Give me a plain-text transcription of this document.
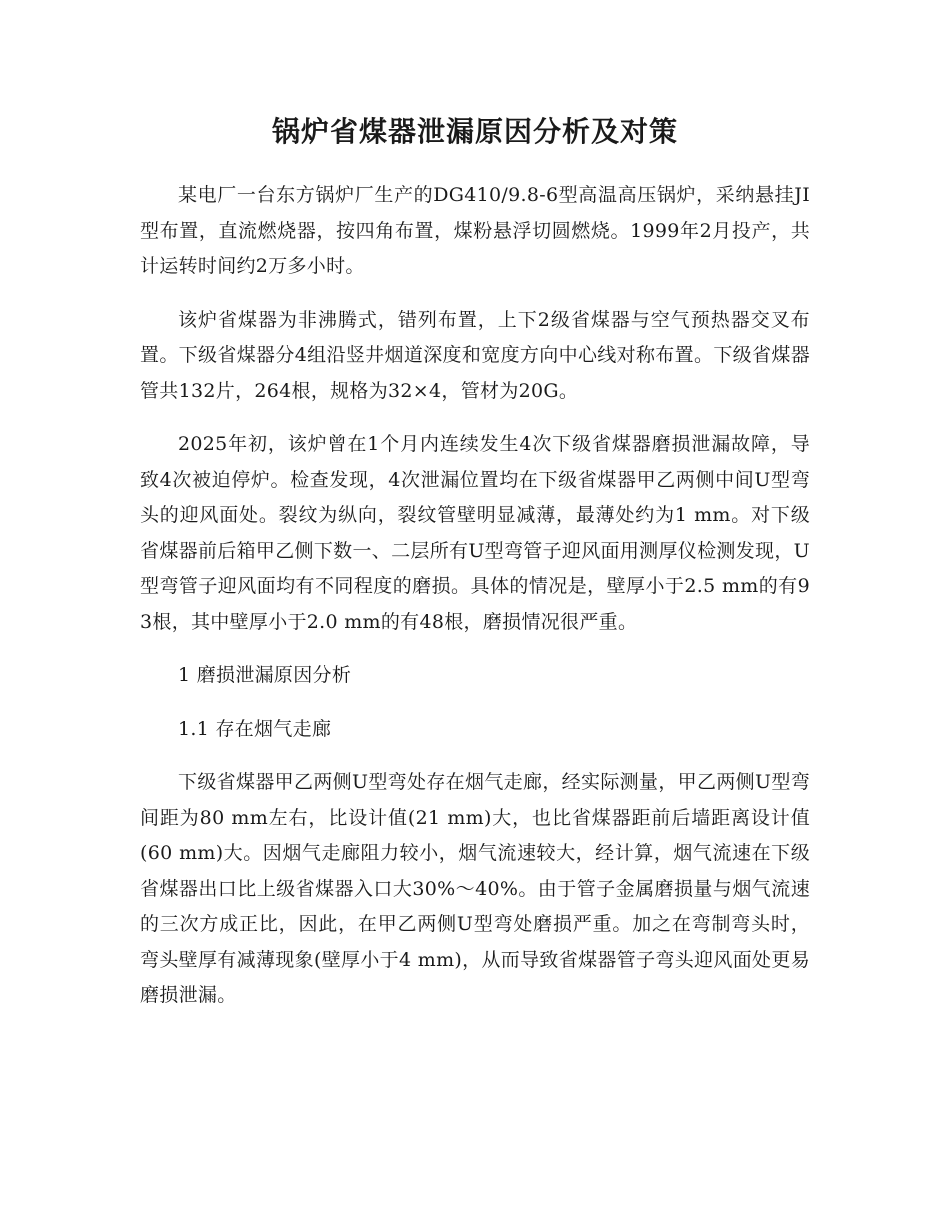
锅炉省煤器泄漏原因分析及对策

某电厂一台东方锅炉厂生产的DG410/9.8-6型高温高压锅炉，采纳悬挂JI型布置，直流燃烧器，按四角布置，煤粉悬浮切圆燃烧。1999年2月投产，共计运转时间约2万多小时。

该炉省煤器为非沸腾式，错列布置，上下2级省煤器与空气预热器交叉布置。下级省煤器分4组沿竖井烟道深度和宽度方向中心线对称布置。下级省煤器管共132片，264根，规格为32×4，管材为20G。

2025年初，该炉曾在1个月内连续发生4次下级省煤器磨损泄漏故障，导致4次被迫停炉。检查发现，4次泄漏位置均在下级省煤器甲乙两侧中间U型弯头的迎风面处。裂纹为纵向，裂纹管壁明显减薄，最薄处约为1 mm。对下级省煤器前后箱甲乙侧下数一、二层所有U型弯管子迎风面用测厚仪检测发现，U型弯管子迎风面均有不同程度的磨损。具体的情况是，壁厚小于2.5 mm的有93根，其中壁厚小于2.0 mm的有48根，磨损情况很严重。

1 磨损泄漏原因分析

1.1 存在烟气走廊

下级省煤器甲乙两侧U型弯处存在烟气走廊，经实际测量，甲乙两侧U型弯间距为80 mm左右，比设计值(21 mm)大，也比省煤器距前后墙距离设计值(60 mm)大。因烟气走廊阻力较小，烟气流速较大，经计算，烟气流速在下级省煤器出口比上级省煤器入口大30%～40%。由于管子金属磨损量与烟气流速的三次方成正比，因此，在甲乙两侧U型弯处磨损严重。加之在弯制弯头时，弯头壁厚有减薄现象(壁厚小于4 mm)，从而导致省煤器管子弯头迎风面处更易磨损泄漏。
